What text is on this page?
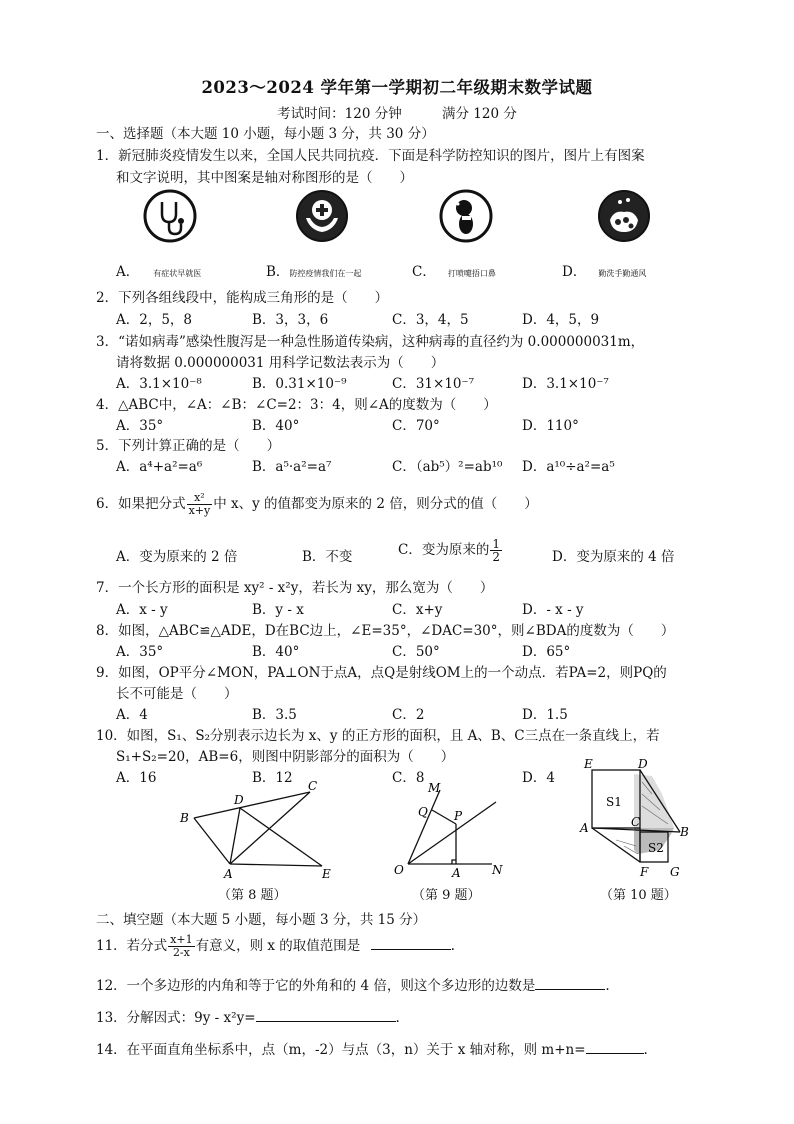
2023～2024 学年第一学期初二年级期末数学试题
考试时间：120 分钟	满分 120 分
一、选择题（本大题 10 小题，每小题 3 分，共 30 分）
1．新冠肺炎疫情发生以来，全国人民共同抗疫．下面是科学防控知识的图片，图片上有图案
和文字说明，其中图案是轴对称图形的是（　　）
A． 有症状早就医	B．防控疫情我们在一起	C． 打喷嚏捂口鼻	D． 勤洗手勤通风
2．下列各组线段中，能构成三角形的是（　　）
A．2，5，8	B．3，3，6	C．3，4，5	D．4，5，9
3．“诺如病毒”感染性腹泻是一种急性肠道传染病，这种病毒的直径约为 0.000000031m，
请将数据 0.000000031 用科学记数法表示为（　　）
A．3.1×10⁻⁸	B．0.31×10⁻⁹	C．31×10⁻⁷	D．3.1×10⁻⁷
4．△ABC中，∠A：∠B：∠C=2：3：4，则∠A的度数为（　　）
A．35°	B．40°	C．70°	D．110°
5．下列计算正确的是（　　）
A．a⁴+a²=a⁶	B．a⁵·a²=a⁷	C．（ab⁵）²=ab¹⁰ D．a¹⁰÷a²=a⁵
6．如果把分式 $\frac{\text{x²}}{x+y}$ 中 x、y 的值都变为原来的 2 倍，则分式的值（　　）
A．变为原来的 2 倍	B．不变	C．变为原来的 $\frac{1}{2}$	D．变为原来的 4 倍
7．一个长方形的面积是 xy² - x²y，若长为 xy，那么宽为（　　）
A．x - y	B．y - x	C．x+y	D．- x - y
8．如图，△ABC≌△ADE，D在BC边上，∠E=35°，∠DAC=30°，则∠BDA的度数为（　　）
A．35°	B．40°	C．50°	D．65°
9．如图，OP平分∠MON，PA⊥ON于点A，点Q是射线OM上的一个动点．若PA=2，则PQ的
长不可能是（　　）
A．4	B．3.5	C．2	D．1.5
10．如图，S₁、S₂分别表示边长为 x、y 的正方形的面积，且 A、B、C三点在一条直线上，若
S₁+S₂=20，AB=6，则图中阴影部分的面积为（　　）
A．16	B．12	C．8	D．4
B
D
C
A	E
（第 8 题）
M
Q P
O	A	N
（第 9 题）
E	D
S1
A	C
B
S2
F G
（第 10 题）
二、填空题（本大题 5 小题，每小题 3 分，共 15 分）
11．若分式 $\frac{x+1}{2-x}$ 有意义，则 x 的取值范围是	.
12．一个多边形的内角和等于它的外角和的 4 倍，则这个多边形的边数是	.
13．分解因式：9y - x²y=	.
14．在平面直角坐标系中，点（m，-2）与点（3，n）关于 x 轴对称，则 m+n=	.
